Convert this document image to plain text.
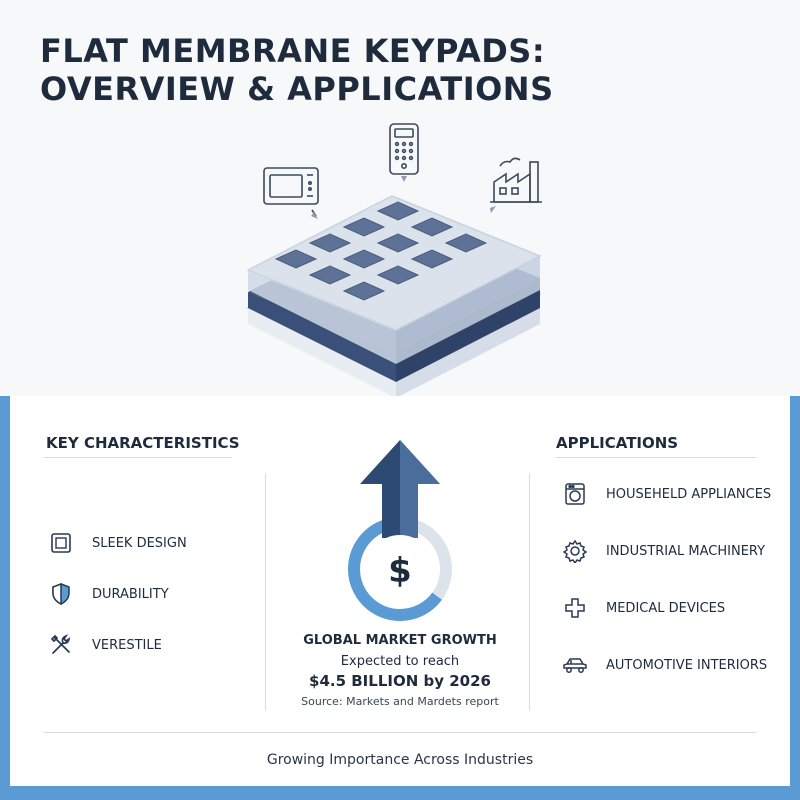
FLAT MEMBRANE KEYPADS:
OVERVIEW & APPLICATIONS
KEY CHARACTERISTICS
SLEEK DESIGN
DURABILITY
VERESTILE
$
GLOBAL MARKET GROWTH
Expected to reach
$4.5 BILLION by 2026
Source: Markets and Mardets report
APPLICATIONS
HOUSEHELD APPLIANCES
INDUSTRIAL MACHINERY
MEDICAL DEVICES
AUTOMOTIVE INTERIORS
Growing Importance Across Industries
